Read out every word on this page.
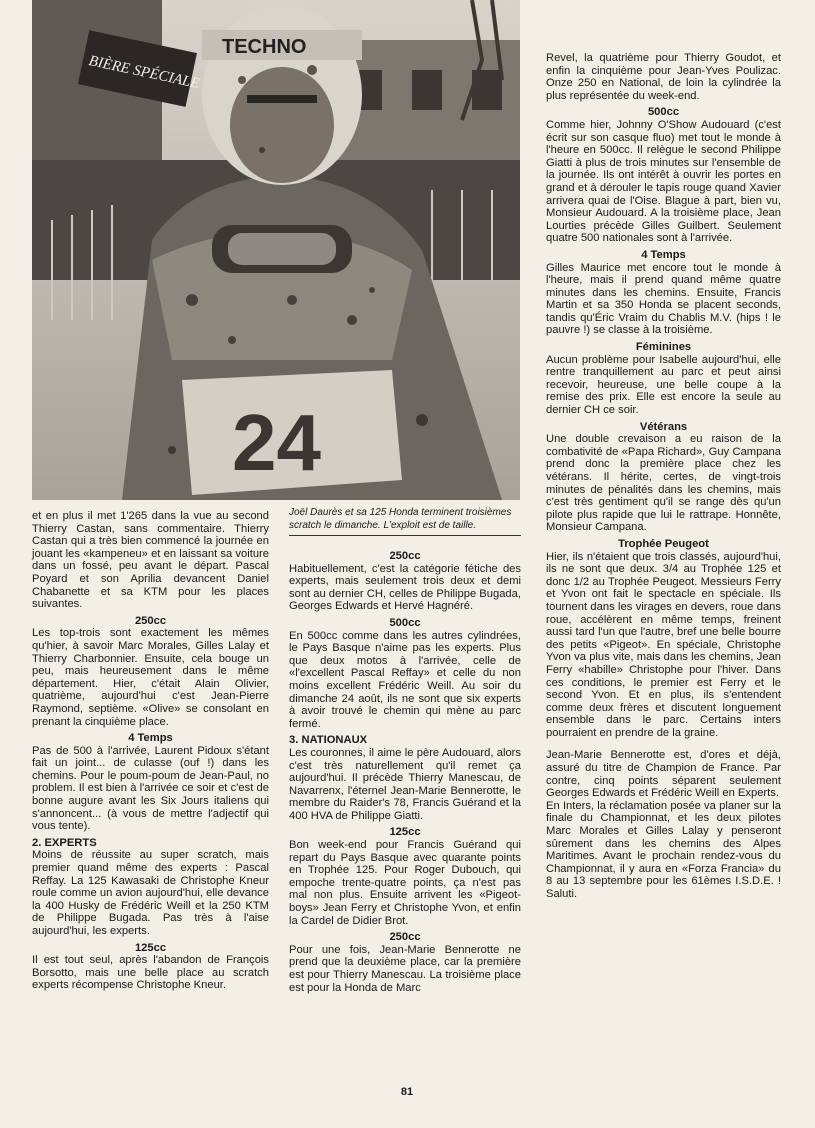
BIÈRE SPÉCIALE
TECHNO
24
Joël Daurès et sa 125 Honda terminent troisièmes scratch le dimanche. L'exploit est de taille.

et en plus il met 1'265 dans la vue au second Thierry Castan, sans commentaire. Thierry Castan qui a très bien commencé la journée en jouant les «kampeneu» et en laissant sa voiture dans un fossé, peu avant le départ. Pascal Poyard et son Aprilia devancent Daniel Chabanette et sa KTM pour les places suivantes.

250cc

Les top-trois sont exactement les mêmes qu'hier, à savoir Marc Morales, Gilles Lalay et Thierry Charbonnier. Ensuite, cela bouge un peu, mais heureusement dans le même département. Hier, c'était Alain Olivier, quatrième, aujourd'hui c'est Jean-Pierre Raymond, septième. «Olive» se consolant en prenant la cinquième place.

4 Temps

Pas de 500 à l'arrivée, Laurent Pidoux s'étant fait un joint... de culasse (ouf !) dans les chemins. Pour le poum-poum de Jean-Paul, no problem. Il est bien à l'arrivée ce soir et c'est de bonne augure avant les Six Jours italiens qui s'annoncent... (à vous de mettre l'adjectif qui vous tente).

2. EXPERTS

Moins de réussite au super scratch, mais premier quand même des experts : Pascal Reffay. La 125 Kawasaki de Christophe Kneur roule comme un avion aujourd'hui, elle devance la 400 Husky de Frédéric Weill et la 250 KTM de Philippe Bugada. Pas très à l'aise aujourd'hui, les experts.

125cc

Il est tout seul, après l'abandon de François Borsotto, mais une belle place au scratch experts récompense Christophe Kneur.

250cc

Habituellement, c'est la catégorie fétiche des experts, mais seulement trois deux et demi sont au dernier CH, celles de Philippe Bugada, Georges Edwards et Hervé Hagnéré.

500cc

En 500cc comme dans les autres cylindrées, le Pays Basque n'aime pas les experts. Plus que deux motos à l'arrivée, celle de «l'excellent Pascal Reffay» et celle du non moins excellent Frédéric Weill. Au soir du dimanche 24 août, ils ne sont que six experts à avoir trouvé le chemin qui mène au parc fermé.

3. NATIONAUX

Les couronnes, il aime le père Audouard, alors c'est très naturellement qu'il remet ça aujourd'hui. Il précède Thierry Manescau, de Navarrenx, l'éternel Jean-Marie Bennerotte, le membre du Raider's 78, Francis Guérand et la 400 HVA de Philippe Giatti.

125cc

Bon week-end pour Francis Guérand qui repart du Pays Basque avec quarante points en Trophée 125. Pour Roger Dubouch, qui empoche trente-quatre points, ça n'est pas mal non plus. Ensuite arrivent les «Pigeot-boys» Jean Ferry et Christophe Yvon, et enfin la Cardel de Didier Brot.

250cc

Pour une fois, Jean-Marie Bennerotte ne prend que la deuxième place, car la première est pour Thierry Manescau. La troisième place est pour la Honda de Marc

Revel, la quatrième pour Thierry Goudot, et enfin la cinquième pour Jean-Yves Poulizac. Onze 250 en National, de loin la cylindrée la plus représentée du week-end.

500cc

Comme hier, Johnny O'Show Audouard (c'est écrit sur son casque fluo) met tout le monde à l'heure en 500cc. Il relègue le second Philippe Giatti à plus de trois minutes sur l'ensemble de la journée. Ils ont intérêt à ouvrir les portes en grand et à dérouler le tapis rouge quand Xavier arrivera quai de l'Oise. Blague à part, bien vu, Monsieur Audouard. A la troisième place, Jean Lourties précède Gilles Guilbert. Seulement quatre 500 nationales sont à l'arrivée.

4 Temps

Gilles Maurice met encore tout le monde à l'heure, mais il prend quand même quatre minutes dans les chemins. Ensuite, Francis Martin et sa 350 Honda se placent seconds, tandis qu'Éric Vraim du Chablis M.V. (hips ! le pauvre !) se classe à la troisième.

Féminines

Aucun problème pour Isabelle aujourd'hui, elle rentre tranquillement au parc et peut ainsi recevoir, heureuse, une belle coupe à la remise des prix. Elle est encore la seule au dernier CH ce soir.

Vétérans

Une double crevaison a eu raison de la combativité de «Papa Richard», Guy Campana prend donc la première place chez les vétérans. Il hérite, certes, de vingt-trois minutes de pénalités dans les chemins, mais c'est très gentiment qu'il se range dès qu'un pilote plus rapide que lui le rattrape. Honnête, Monsieur Campana.

Trophée Peugeot

Hier, ils n'étaient que trois classés, aujourd'hui, ils ne sont que deux. 3/4 au Trophée 125 et donc 1/2 au Trophée Peugeot. Messieurs Ferry et Yvon ont fait le spectacle en spéciale. Ils tournent dans les virages en devers, roue dans roue, accélèrent en même temps, freinent aussi tard l'un que l'autre, bref une belle bourre des petits «Pigeot». En spéciale, Christophe Yvon va plus vite, mais dans les chemins, Jean Ferry «habille» Christophe pour l'hiver. Dans ces conditions, le premier est Ferry et le second Yvon. Et en plus, ils s'entendent comme deux frères et discutent longuement ensemble dans le parc. Certains inters pourraient en prendre de la graine.

Jean-Marie Bennerotte est, d'ores et déjà, assuré du titre de Champion de France. Par contre, cinq points séparent seulement Georges Edwards et Frédéric Weill en Experts.

En Inters, la réclamation posée va planer sur la finale du Championnat, et les deux pilotes Marc Morales et Gilles Lalay y penseront sûrement dans les chemins des Alpes Maritimes. Avant le prochain rendez-vous du Championnat, il y aura en «Forza Francia» du 8 au 13 septembre pour les 61èmes I.S.D.E. ! Saluti.

81
